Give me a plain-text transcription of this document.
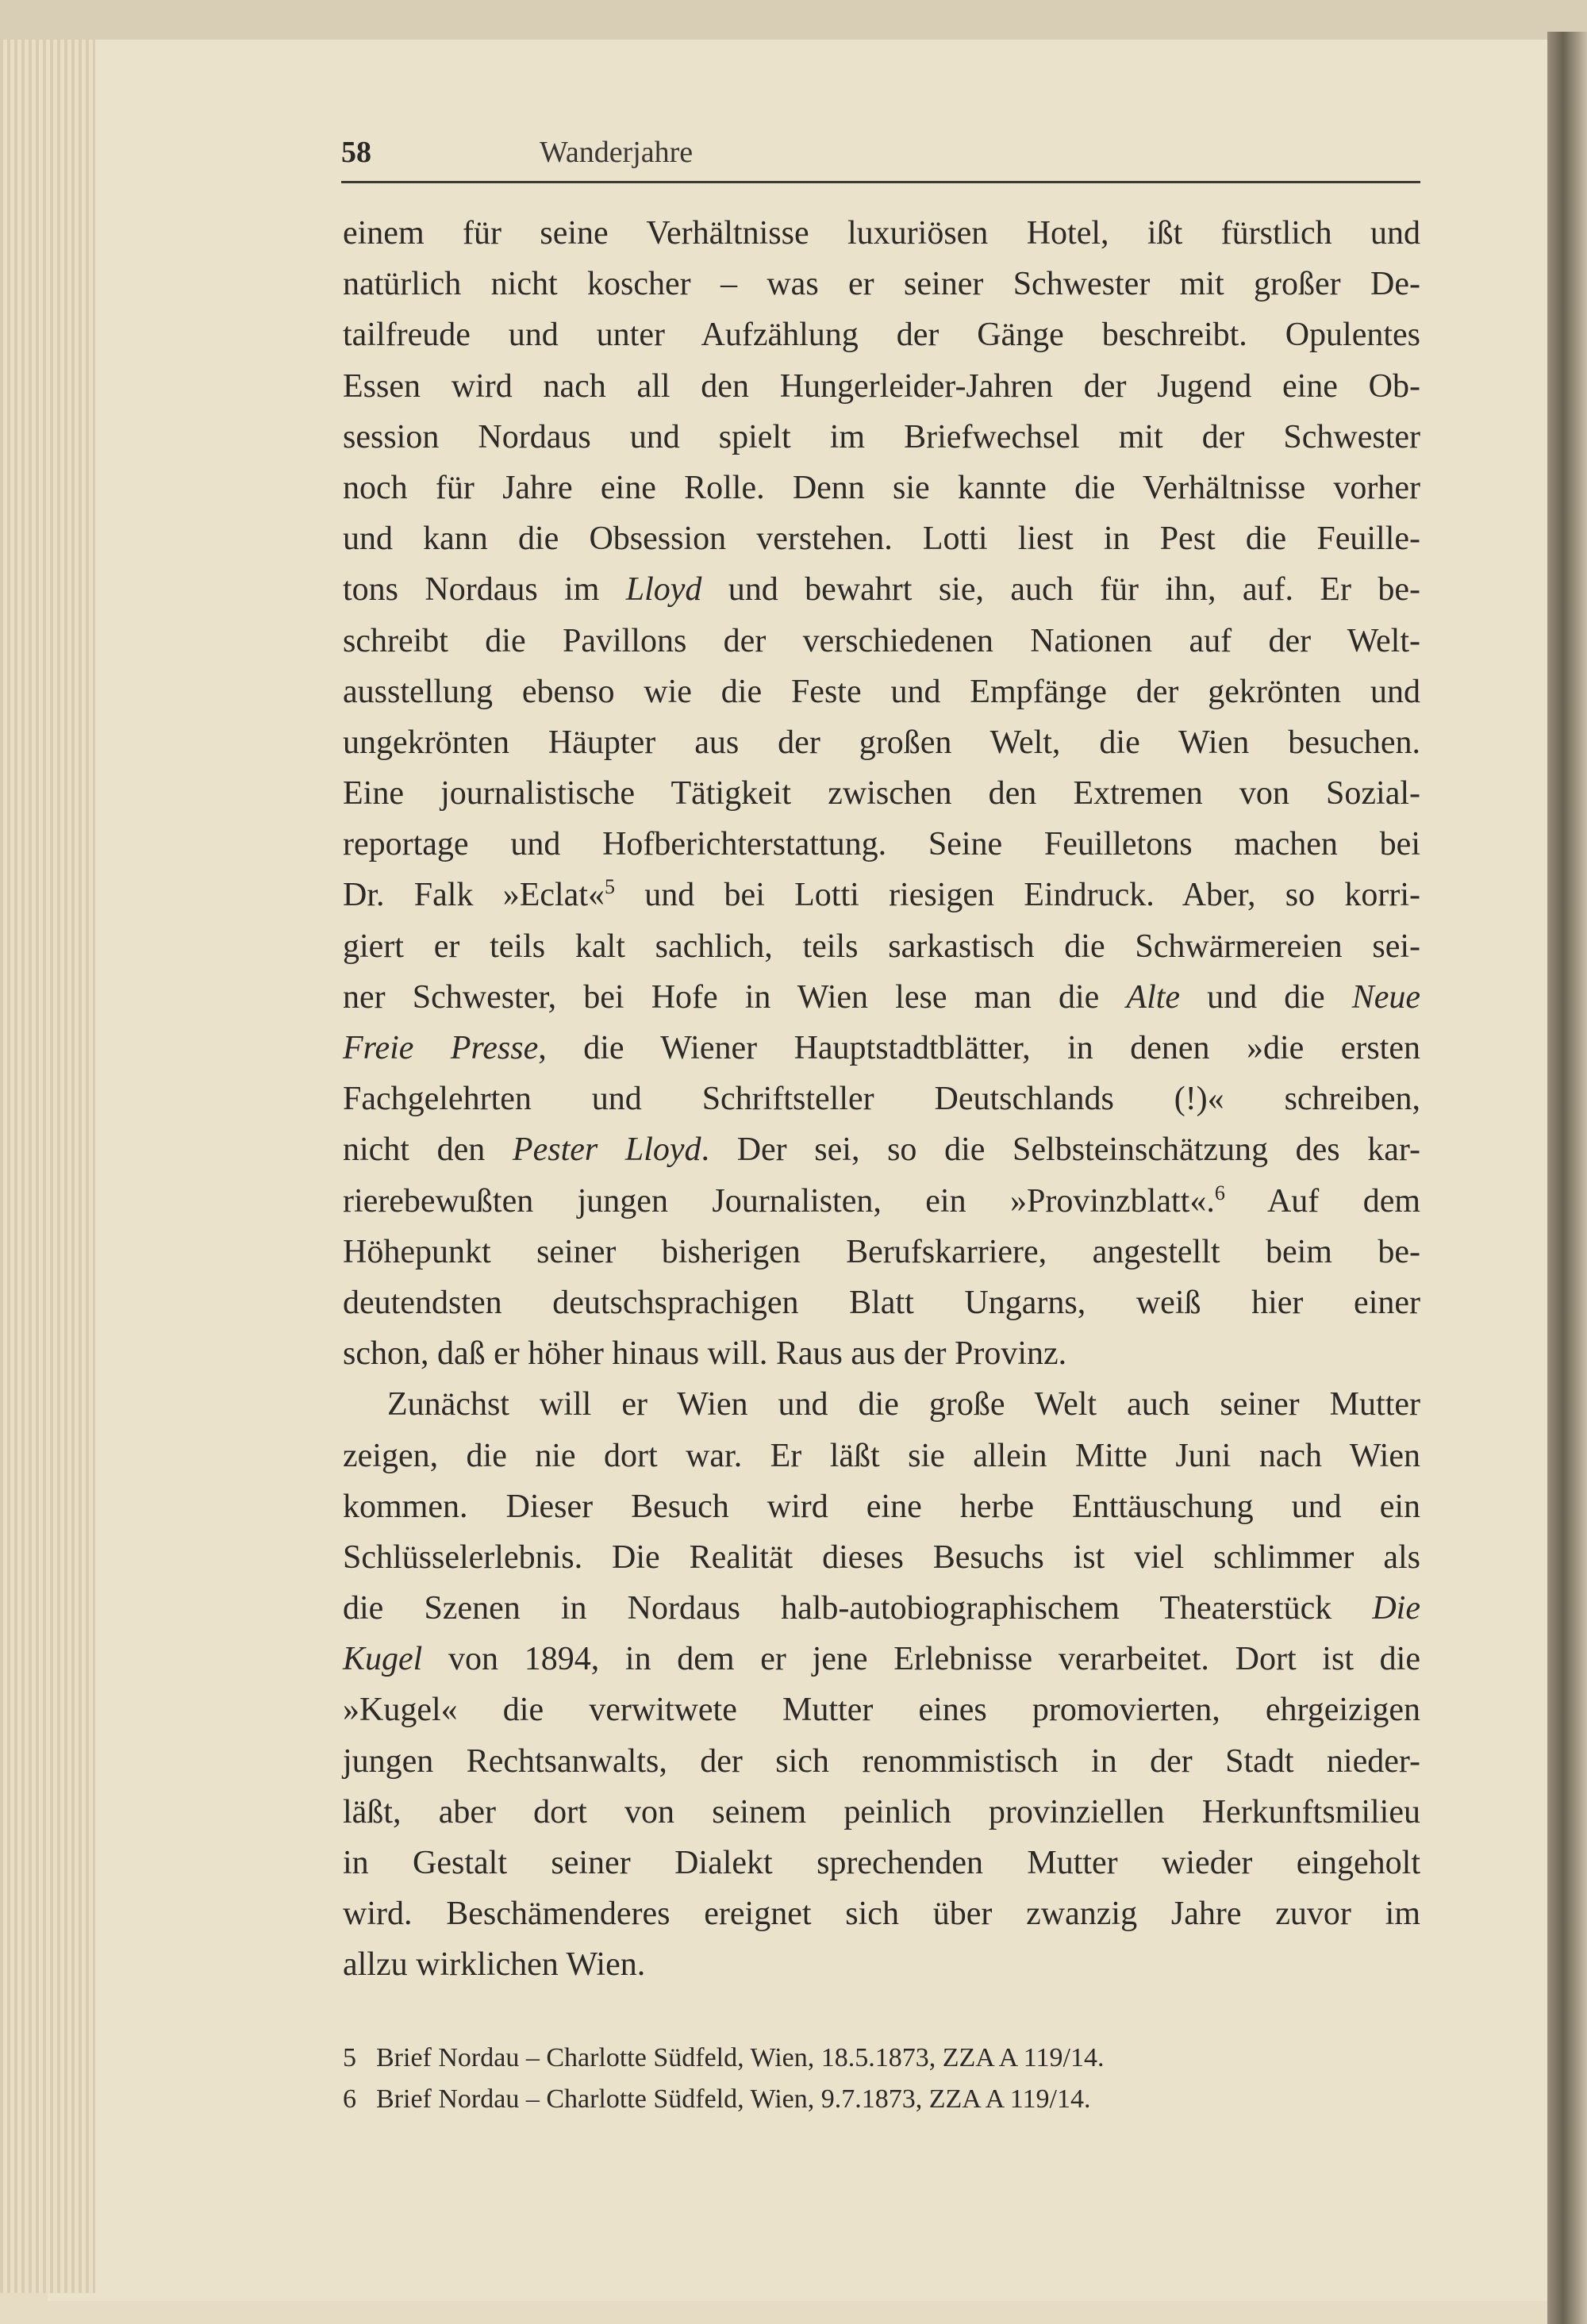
58	Wanderjahre
einem für seine Verhältnisse luxuriösen Hotel, ißt fürstlich und
natürlich nicht koscher – was er seiner Schwester mit großer De-
tailfreude und unter Aufzählung der Gänge beschreibt. Opulentes
Essen wird nach all den Hungerleider-Jahren der Jugend eine Ob-
session Nordaus und spielt im Briefwechsel mit der Schwester
noch für Jahre eine Rolle. Denn sie kannte die Verhältnisse vorher
und kann die Obsession verstehen. Lotti liest in Pest die Feuille-
tons Nordaus im Lloyd und bewahrt sie, auch für ihn, auf. Er be-
schreibt die Pavillons der verschiedenen Nationen auf der Welt-
ausstellung ebenso wie die Feste und Empfänge der gekrönten und
ungekrönten Häupter aus der großen Welt, die Wien besuchen.
Eine journalistische Tätigkeit zwischen den Extremen von Sozial-
reportage und Hofberichterstattung. Seine Feuilletons machen bei
Dr. Falk »Eclat«$^5$ und bei Lotti riesigen Eindruck. Aber, so korri-
giert er teils kalt sachlich, teils sarkastisch die Schwärmereien sei-
ner Schwester, bei Hofe in Wien lese man die Alte und die Neue
Freie Presse, die Wiener Hauptstadtblätter, in denen »die ersten
Fachgelehrten und Schriftsteller Deutschlands (!)« schreiben,
nicht den Pester Lloyd. Der sei, so die Selbsteinschätzung des kar-
rierebewußten jungen Journalisten, ein »Provinzblatt«.$^6$ Auf dem
Höhepunkt seiner bisherigen Berufskarriere, angestellt beim be-
deutendsten deutschsprachigen Blatt Ungarns, weiß hier einer
schon, daß er höher hinaus will. Raus aus der Provinz.
Zunächst will er Wien und die große Welt auch seiner Mutter
zeigen, die nie dort war. Er läßt sie allein Mitte Juni nach Wien
kommen. Dieser Besuch wird eine herbe Enttäuschung und ein
Schlüsselerlebnis. Die Realität dieses Besuchs ist viel schlimmer als
die Szenen in Nordaus halb-autobiographischem Theaterstück Die
Kugel von 1894, in dem er jene Erlebnisse verarbeitet. Dort ist die
»Kugel« die verwitwete Mutter eines promovierten, ehrgeizigen
jungen Rechtsanwalts, der sich renommistisch in der Stadt nieder-
läßt, aber dort von seinem peinlich provinziellen Herkunftsmilieu
in Gestalt seiner Dialekt sprechenden Mutter wieder eingeholt
wird. Beschämenderes ereignet sich über zwanzig Jahre zuvor im
allzu wirklichen Wien.
5 Brief Nordau – Charlotte Südfeld, Wien, 18.5.1873, ZZA A 119/14.
6 Brief Nordau – Charlotte Südfeld, Wien, 9.7.1873, ZZA A 119/14.
